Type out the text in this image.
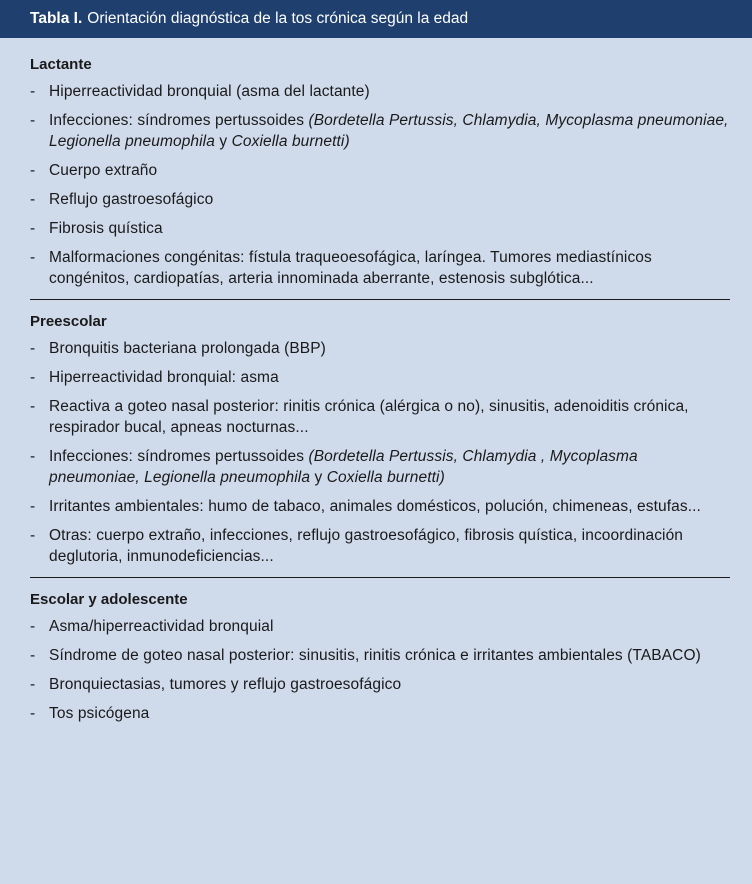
Tabla I. Orientación diagnóstica de la tos crónica según la edad
Lactante
- Hiperreactividad bronquial (asma del lactante)
- Infecciones: síndromes pertussoides (Bordetella Pertussis, Chlamydia, Mycoplasma pneumoniae, Legionella pneumophila y Coxiella burnetti)
- Cuerpo extraño
- Reflujo gastroesofágico
- Fibrosis quística
- Malformaciones congénitas: fístula traqueoesofágica, laríngea. Tumores mediastínicos congénitos, cardiopatías, arteria innominada aberrante, estenosis subglótica...
Preescolar
- Bronquitis bacteriana prolongada (BBP)
- Hiperreactividad bronquial: asma
- Reactiva a goteo nasal posterior: rinitis crónica (alérgica o no), sinusitis, adenoiditis crónica, respirador bucal, apneas nocturnas...
- Infecciones: síndromes pertussoides (Bordetella Pertussis, Chlamydia , Mycoplasma pneumoniae, Legionella pneumophila y Coxiella burnetti)
- Irritantes ambientales: humo de tabaco, animales domésticos, polución, chimeneas, estufas...
- Otras: cuerpo extraño, infecciones, reflujo gastroesofágico, fibrosis quística, incoordinación deglutoria, inmunodeficiencias...
Escolar y adolescente
- Asma/hiperreactividad bronquial
- Síndrome de goteo nasal posterior: sinusitis, rinitis crónica e irritantes ambientales (TABACO)
- Bronquiectasias, tumores y reflujo gastroesofágico
- Tos psicógena
